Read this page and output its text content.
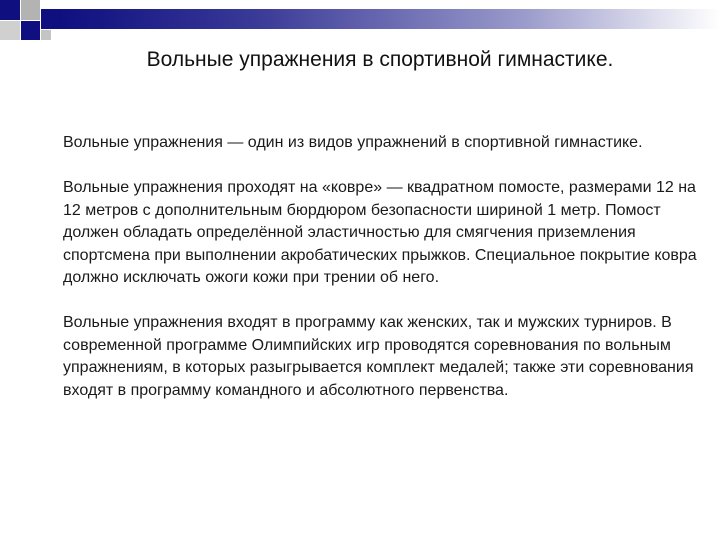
Вольные упражнения в спортивной гимнастике.

Вольные упражнения — один из видов упражнений в спортивной гимнастике.

Вольные упражнения проходят на «ковре» — квадратном помосте, размерами 12 на 12 метров с дополнительным бюрдюром безопасности шириной 1 метр. Помост должен обладать определённой эластичностью для смягчения приземления спортсмена при выполнении акробатических прыжков. Специальное покрытие ковра должно исключать ожоги кожи при трении об него.

Вольные упражнения входят в программу как женских, так и мужских турниров. В современной программе Олимпийских игр проводятся соревнования по вольным упражнениям, в которых разыгрывается комплект медалей; также эти соревнования входят в программу командного и абсолютного первенства.
